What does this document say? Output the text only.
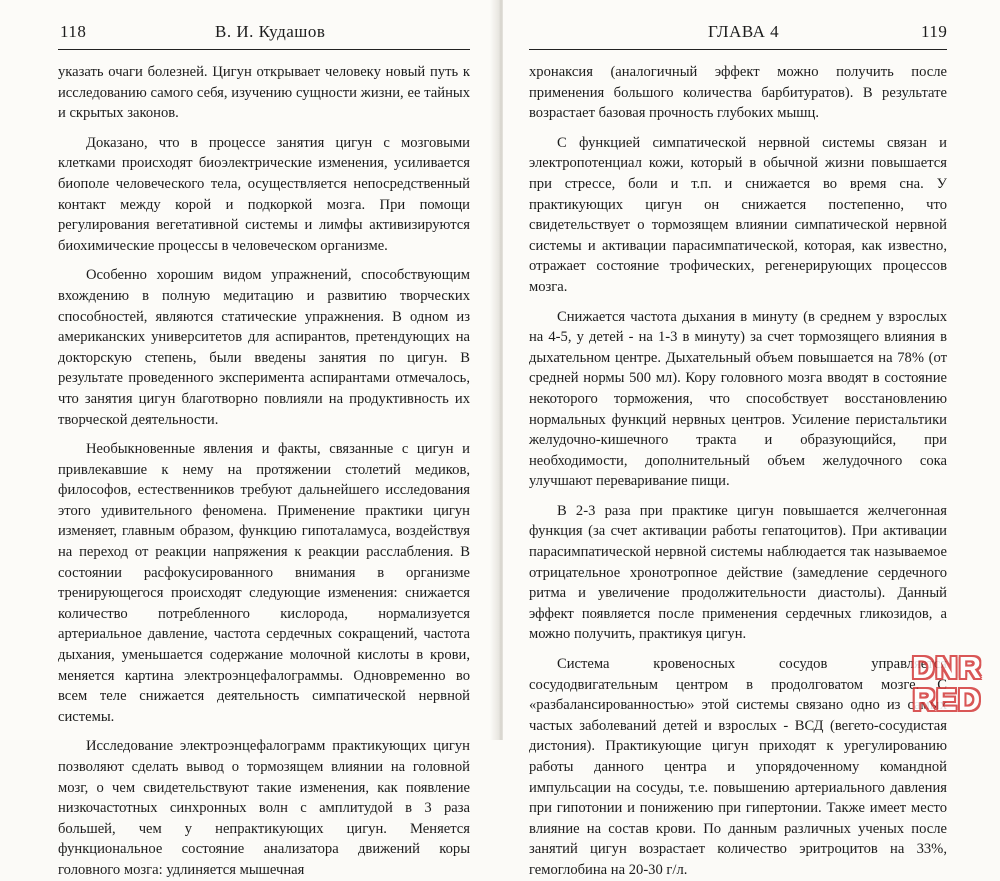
118	В. И. Кудашов

указать очаги болезней. Цигун открывает человеку новый путь к исследованию самого себя, изучению сущности жизни, ее тайных и скрытых законов.

Доказано, что в процессе занятия цигун с мозговыми клетками происходят биоэлектрические изменения, усиливается биополе человеческого тела, осуществляется непосредственный контакт между корой и подкоркой мозга. При помощи регулирования вегетативной системы и лимфы активизируются биохимические процессы в человеческом организме.

Особенно хорошим видом упражнений, способствующим вхождению в полную медитацию и развитию творческих способностей, являются статические упражнения. В одном из американских университетов для аспирантов, претендующих на докторскую степень, были введены занятия по цигун. В результате проведенного эксперимента аспирантами отмечалось, что занятия цигун благотворно повлияли на продуктивность их творческой деятельности.

Необыкновенные явления и факты, связанные с цигун и привлекавшие к нему на протяжении столетий медиков, философов, естественников требуют дальнейшего исследования этого удивительного феномена. Применение практики цигун изменяет, главным образом, функцию гипоталамуса, воздействуя на переход от реакции напряжения к реакции расслабления. В состоянии расфокусированного внимания в организме тренирующегося происходят следующие изменения: снижается количество потребленного кислорода, нормализуется артериальное давление, частота сердечных сокращений, частота дыхания, уменьшается содержание молочной кислоты в крови, меняется картина электроэнцефалограммы. Одновременно во всем теле снижается деятельность симпатической нервной системы.

Исследование электроэнцефалограмм практикующих цигун позволяют сделать вывод о тормозящем влиянии на головной мозг, о чем свидетельствуют такие изменения, как появление низкочастотных синхронных волн с амплитудой в 3 раза большей, чем у непрактикующих цигун. Меняется функциональное состояние анализатора движений коры головного мозга: удлиняется мышечная

ГЛАВА 4	119

хронаксия (аналогичный эффект можно получить после применения большого количества барбитуратов). В результате возрастает базовая прочность глубоких мышц.

С функцией симпатической нервной системы связан и электропотенциал кожи, который в обычной жизни повышается при стрессе, боли и т.п. и снижается во время сна. У практикующих цигун он снижается постепенно, что свидетельствует о тормозящем влиянии симпатической нервной системы и активации парасимпатической, которая, как известно, отражает состояние трофических, регенерирующих процессов мозга.

Снижается частота дыхания в минуту (в среднем у взрослых на 4-5, у детей - на 1-3 в минуту) за счет тормозящего влияния в дыхательном центре. Дыхательный объем повышается на 78% (от средней нормы 500 мл). Кору головного мозга вводят в состояние некоторого торможения, что способствует восстановлению нормальных функций нервных центров. Усиление перистальтики желудочно-кишечного тракта и образующийся, при необходимости, дополнительный объем желудочного сока улучшают переваривание пищи.

В 2-3 раза при практике цигун повышается желчегонная функция (за счет активации работы гепатоцитов). При активации парасимпатической нервной системы наблюдается так называемое отрицательное хронотропное действие (замедление сердечного ритма и увеличение продолжительности диастолы). Данный эффект появляется после применения сердечных гликозидов, а можно получить, практикуя цигун.

Система кровеносных сосудов управляется сосудодвигательным центром в продолговатом мозге. С «разбалансированностью» этой системы связано одно из самых частых заболеваний детей и взрослых - ВСД (вегето-сосудистая дистония). Практикующие цигун приходят к урегулированию работы данного центра и упорядоченному командной импульсации на сосуды, т.е. повышению артериального давления при гипотонии и понижению при гипертонии. Также имеет место влияние на состав крови. По данным различных ученых после занятий цигун возрастает количество эритроцитов на 33%, гемоглобина на 20-30 г/л.

DNR
RED
